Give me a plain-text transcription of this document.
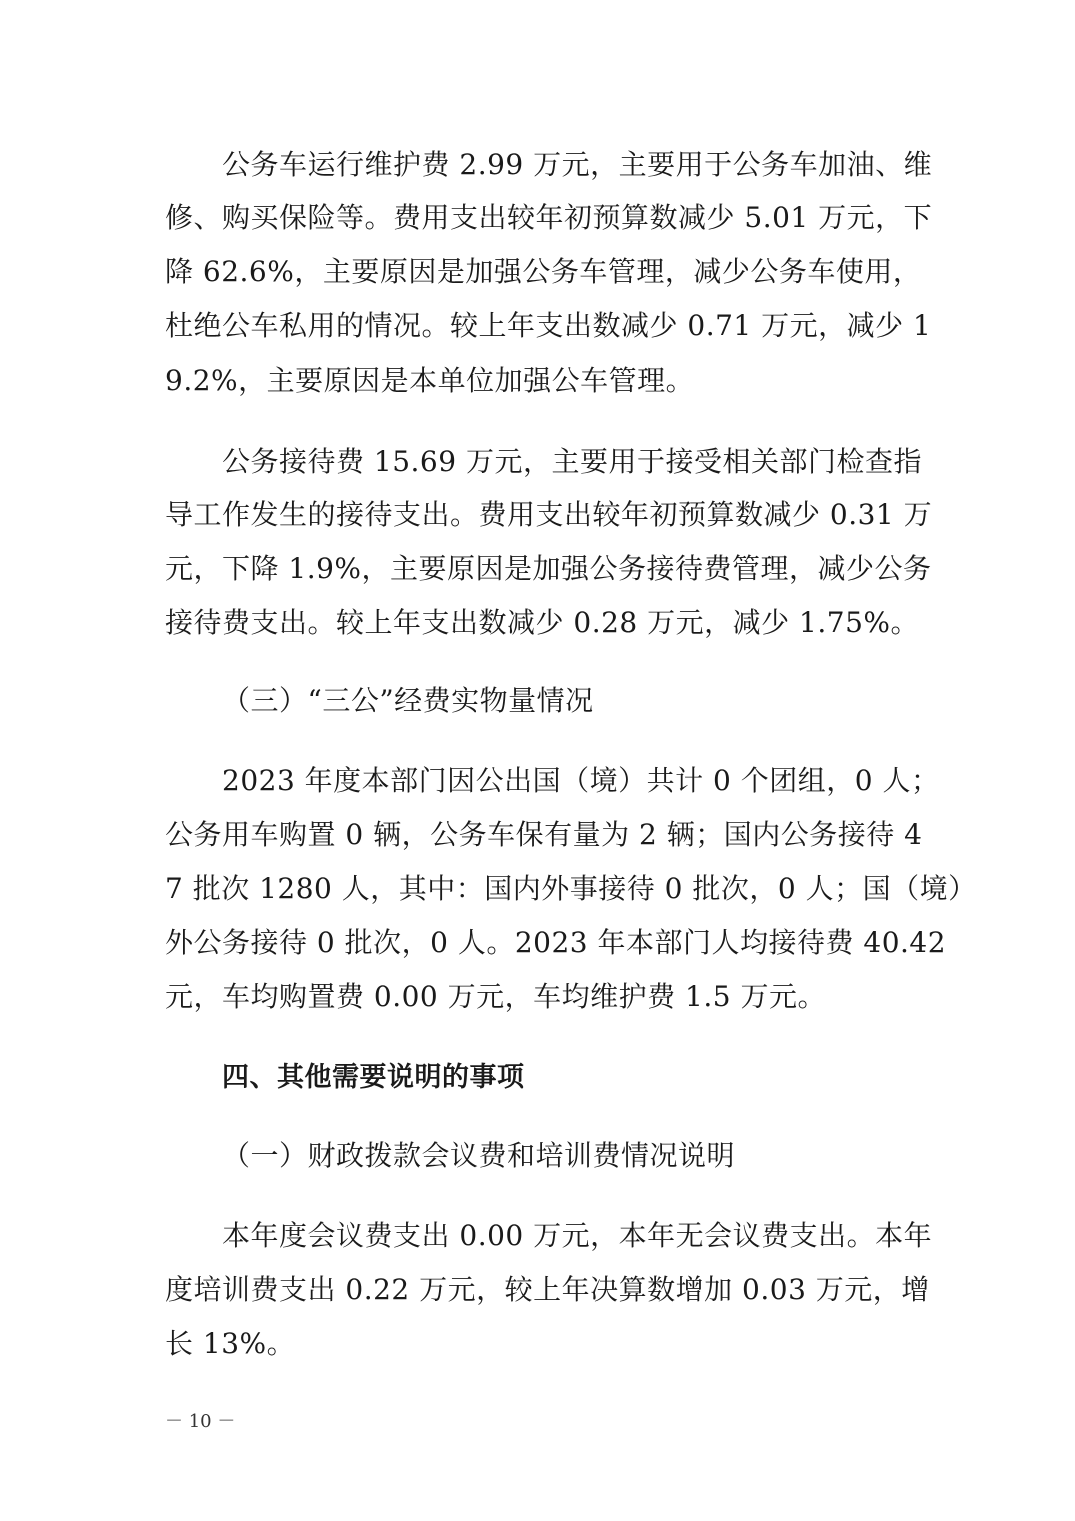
公务车运行维护费 2.99 万元，主要用于公务车加油、维
修、购买保险等。费用支出较年初预算数减少 5.01 万元，下
降 62.6%，主要原因是加强公务车管理，减少公务车使用，
杜绝公车私用的情况。较上年支出数减少 0.71 万元，减少 1
9.2%，主要原因是本单位加强公车管理。
公务接待费 15.69 万元，主要用于接受相关部门检查指
导工作发生的接待支出。费用支出较年初预算数减少 0.31 万
元，下降 1.9%，主要原因是加强公务接待费管理，减少公务
接待费支出。较上年支出数减少 0.28 万元，减少 1.75%。
（三）“三公”经费实物量情况
2023 年度本部门因公出国（境）共计 0 个团组，0 人；
公务用车购置 0 辆，公务车保有量为 2 辆；国内公务接待 4
7 批次 1280 人，其中：国内外事接待 0 批次，0 人；国（境）
外公务接待 0 批次，0 人。2023 年本部门人均接待费 40.42
元，车均购置费 0.00 万元，车均维护费 1.5 万元。
四、其他需要说明的事项
（一）财政拨款会议费和培训费情况说明
本年度会议费支出 0.00 万元，本年无会议费支出。本年
度培训费支出 0.22 万元，较上年决算数增加 0.03 万元，增
长 13%。
－ 10 －
